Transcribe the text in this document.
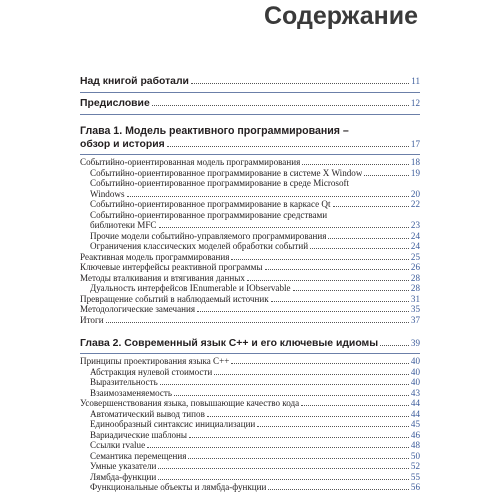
Содержание
Над книгой работали	11
Предисловие	12
Глава 1. Модель реактивного программирования –
обзор и история	17
Событийно-ориентированная модель программирования	18
Событийно-ориентированное программирование в системе X Window	19
Событийно-ориентированное программирование в среде Microsoft
Windows	20
Событийно-ориентированное программирование в каркасе Qt	22
Событийно-ориентированное программирование средствами
библиотеки MFC	23
Прочие модели событийно-управляемого программирования	24
Ограничения классических моделей обработки событий	24
Реактивная модель программирования	25
Ключевые интерфейсы реактивной программы	26
Методы вталкивания и втягивания данных	28
Дуальность интерфейсов IEnumerable и IObservable	28
Превращение событий в наблюдаемый источник	31
Методологические замечания	35
Итоги	37
Глава 2. Современный язык C++ и его ключевые идиомы	39
Принципы проектирования языка C++	40
Абстракция нулевой стоимости	40
Выразительность	40
Взаимозаменяемость	43
Усовершенствования языка, повышающие качество кода	44
Автоматический вывод типов	44
Единообразный синтаксис инициализации	45
Вариадические шаблоны	46
Ссылки rvalue	48
Семантика перемещения	50
Умные указатели	52
Лямбда-функции	55
Функциональные объекты и лямбда-функции	56
